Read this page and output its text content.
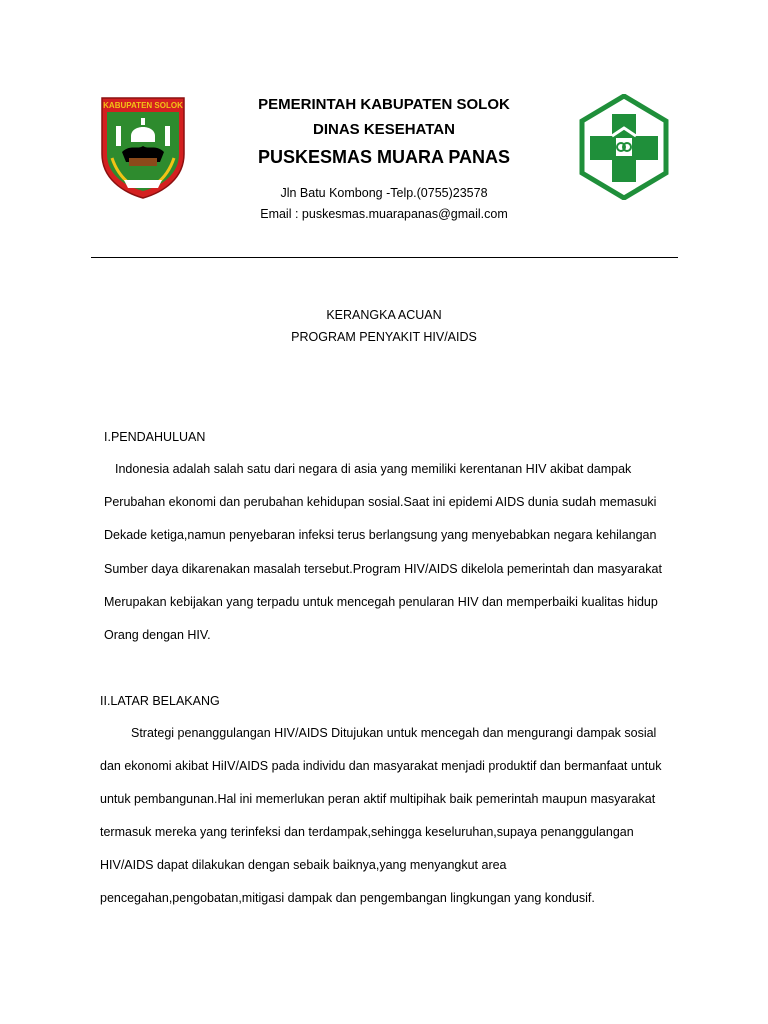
KABUPATEN SOLOK	PEMERINTAH KABUPATEN SOLOK
DINAS KESEHATAN
PUSKESMAS MUARA PANAS
Jln Batu Kombong -Telp.(0755)23578
Email : puskesmas.muarapanas@gmail.com
KERANGKA ACUAN
PROGRAM PENYAKIT HIV/AIDS
I.PENDAHULUAN
Indonesia adalah salah satu dari negara di asia yang memiliki kerentanan HIV akibat dampak
Perubahan ekonomi dan perubahan kehidupan sosial.Saat ini epidemi AIDS dunia sudah memasuki
Dekade ketiga,namun penyebaran infeksi terus berlangsung yang menyebabkan negara kehilangan
Sumber daya dikarenakan masalah tersebut.Program HIV/AIDS dikelola pemerintah dan masyarakat
Merupakan kebijakan yang terpadu untuk mencegah penularan HIV dan memperbaiki kualitas hidup
Orang dengan HIV.
II.LATAR BELAKANG
Strategi penanggulangan HIV/AIDS Ditujukan untuk mencegah dan mengurangi dampak sosial
dan ekonomi akibat HiIV/AIDS pada individu dan masyarakat menjadi produktif dan bermanfaat untuk
untuk pembangunan.Hal ini memerlukan peran aktif multipihak baik pemerintah maupun masyarakat
termasuk mereka yang terinfeksi dan terdampak,sehingga keseluruhan,supaya penanggulangan
HIV/AIDS dapat dilakukan dengan sebaik baiknya,yang menyangkut area
pencegahan,pengobatan,mitigasi dampak dan pengembangan lingkungan yang kondusif.
